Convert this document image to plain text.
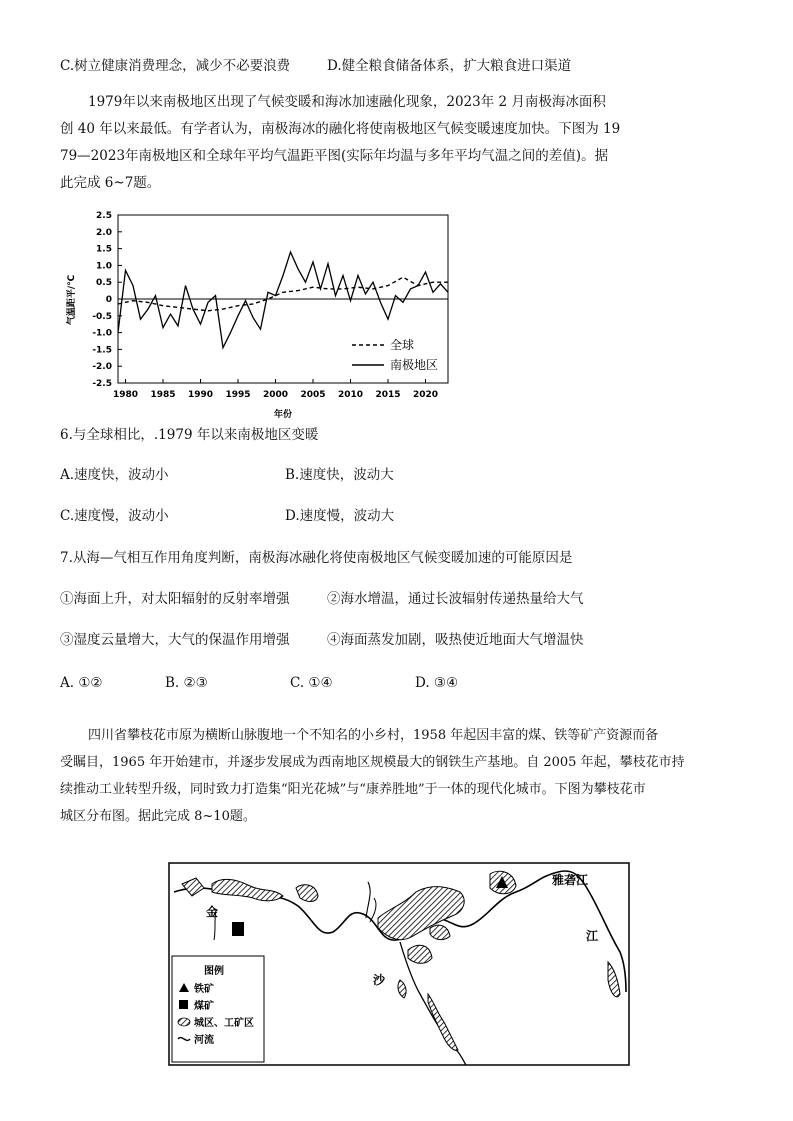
C.树立健康消费理念，减少不必要浪费	D.健全粮食储备体系，扩大粮食进口渠道
1979年以来南极地区出现了气候变暖和海冰加速融化现象，2023年 2 月南极海冰面积
创 40 年以来最低。有学者认为，南极海冰的融化将使南极地区气候变暖速度加快。下图为 19
79—2023年南极地区和全球年平均气温距平图(实际年均温与多年平均气温之间的差值)。据
此完成 6~7题。
2.5
2.0
1.5
1.0
0.5
0
-0.5
-1.0
-1.5
-2.0
-2.5
1980 1985 1990 1995 2000 2005 2010 2015 2020
气温距平/℃
年份
全球
南极地区
6.与全球相比，.1979 年以来南极地区变暖
A.速度快，波动小	B.速度快，波动大
C.速度慢，波动小	D.速度慢，波动大
7.从海—气相互作用角度判断，南极海冰融化将使南极地区气候变暖加速的可能原因是
①海面上升，对太阳辐射的反射率增强	②海水增温，通过长波辐射传递热量给大气
③湿度云量增大，大气的保温作用增强	④海面蒸发加剧，吸热使近地面大气增温快
A. ①②	B. ②③	C. ①④	D. ③④
四川省攀枝花市原为横断山脉腹地一个不知名的小乡村，1958 年起因丰富的煤、铁等矿产资源而备
受瞩目，1965 年开始建市，并逐步发展成为西南地区规模最大的钢铁生产基地。自 2005 年起，攀枝花市持
续推动工业转型升级，同时致力打造集“阳光花城”与“康养胜地”于一体的现代化城市。下图为攀枝花市
城区分布图。据此完成 8~10题。
雅砻江
金
沙
江
图例
铁矿
煤矿
城区、工矿区
河流
